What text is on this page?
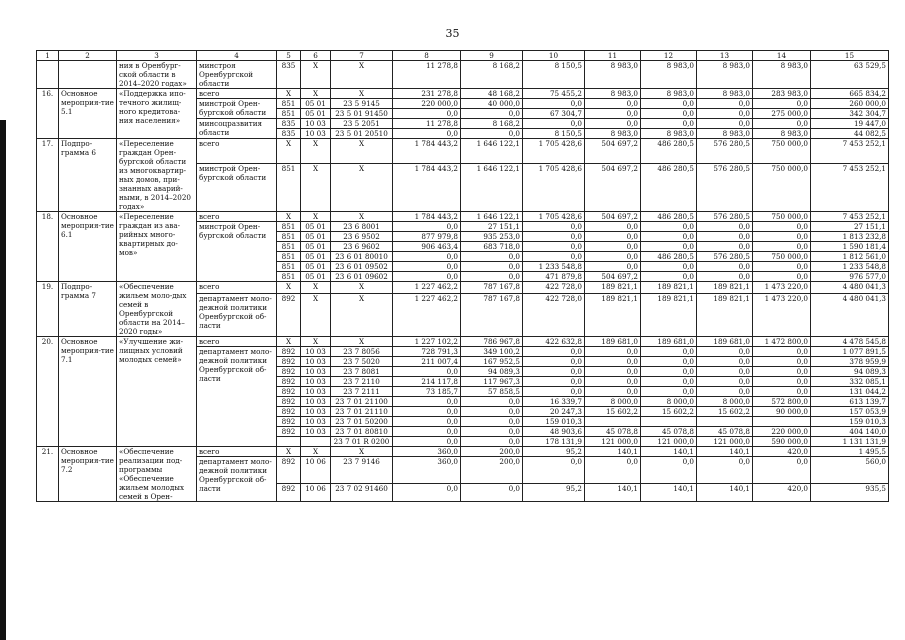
35
1	2	3	4	5	6	7	8	9	10	11	12	13	14	15
		ния в Оренбург-ской области в 2014–2020 годах»	минстроя Оренбургской области	835	Х	Х	11 278,8	8 168,2	8 150,5	8 983,0	8 983,0	8 983,0	8 983,0	63 529,5
16.	Основное мероприя-тие 5.1	«Поддержка ипо-течного жилищ-ного кредитова-ния населения»	всего	Х	Х	Х	231 278,8	48 168,2	75 455,2	8 983,0	8 983,0	8 983,0	283 983,0	665 834,2
			минстрой Орен-бургской области	851	05 01	23 5 9145	220 000,0	40 000,0	0,0	0,0	0,0	0,0	0,0	260 000,0
				851	05 01	23 5 01 91450	0,0	0,0	67 304,7	0,0	0,0	0,0	275 000,0	342 304,7
			минсоцразвития области	835	10 03	23 5 2051	11 278,8	8 168,2	0,0	0,0	0,0	0,0	0,0	19 447,0
				835	10 03	23 5 01 20510	0,0	0,0	8 150,5	8 983,0	8 983,0	8 983,0	8 983,0	44 082,5
17.	Подпро-грамма 6	«Переселение граждан Орен-бургской области из многоквартир-ных домов, при-знанных аварий-ными, в 2014–2020 годах»	всего	Х	Х	Х	1 784 443,2	1 646 122,1	1 705 428,6	504 697,2	486 280,5	576 280,5	750 000,0	7 453 252,1
			минстрой Орен-бургской области	851	Х	Х	1 784 443,2	1 646 122,1	1 705 428,6	504 697,2	486 280,5	576 280,5	750 000,0	7 453 252,1
18.	Основное мероприя-тие 6.1	«Переселение граждан из ава-рийных много-квартирных до-мов»	всего	Х	Х	Х	1 784 443,2	1 646 122,1	1 705 428,6	504 697,2	486 280,5	576 280,5	750 000,0	7 453 252,1
			минстрой Орен-бургской области	851	05 01	23 6 8001	0,0	27 151,1	0,0	0,0	0,0	0,0	0,0	27 151,1
				851	05 01	23 6 9502	877 979,8	935 253,0	0,0	0,0	0,0	0,0	0,0	1 813 232,8
				851	05 01	23 6 9602	906 463,4	683 718,0	0,0	0,0	0,0	0,0	0,0	1 590 181,4
				851	05 01	23 6 01 80010	0,0	0,0	0,0	0,0	486 280,5	576 280,5	750 000,0	1 812 561,0
				851	05 01	23 6 01 09502	0,0	0,0	1 233 548,8	0,0	0,0	0,0	0,0	1 233 548,8
				851	05 01	23 6 01 09602	0,0	0,0	471 879,8	504 697,2	0,0	0,0	0,0	976 577,0
19.	Подпро-грамма 7	«Обеспечение жильем моло-дых семей в Оренбургской области на 2014–2020 годы»	всего	Х	Х	Х	1 227 462,2	787 167,8	422 728,0	189 821,1	189 821,1	189 821,1	1 473 220,0	4 480 041,3
			департамент моло-дежной политики Оренбургской об-ласти	892	Х	Х	1 227 462,2	787 167,8	422 728,0	189 821,1	189 821,1	189 821,1	1 473 220,0	4 480 041,3
20.	Основное мероприя-тие 7.1	«Улучшение жи-лищных условий молодых семей»	всего	Х	Х	Х	1 227 102,2	786 967,8	422 632,8	189 681,0	189 681,0	189 681,0	1 472 800,0	4 478 545,8
			департамент моло-дежной политики Оренбургской об-ласти	892	10 03	23 7 8056	728 791,3	349 100,2	0,0	0,0	0,0	0,0	0,0	1 077 891,5
				892	10 03	23 7 5020	211 007,4	167 952,5	0,0	0,0	0,0	0,0	0,0	378 959,9
				892	10 03	23 7 8081	0,0	94 089,3	0,0	0,0	0,0	0,0	0,0	94 089,3
				892	10 03	23 7 2110	214 117,8	117 967,3	0,0	0,0	0,0	0,0	0,0	332 085,1
				892	10 03	23 7 2111	73 185,7	57 858,5	0,0	0,0	0,0	0,0	0,0	131 044,2
				892	10 03	23 7 01 21100	0,0	0,0	16 339,7	8 000,0	8 000,0	8 000,0	572 800,0	613 139,7
				892	10 03	23 7 01 21110	0,0	0,0	20 247,3	15 602,2	15 602,2	15 602,2	90 000,0	157 053,9
				892	10 03	23 7 01 50200	0,0	0,0	159 010,3					159 010,3
				892	10 03	23 7 01 80810	0,0	0,0	48 903,6	45 078,8	45 078,8	45 078,8	220 000,0	404 140,0
						23 7 01 R 0200	0,0	0,0	178 131,9	121 000,0	121 000,0	121 000,0	590 000,0	1 131 131,9
21.	Основное мероприя-тие 7.2	«Обеспечение реализации под-программы «Обеспечение жильем молодых семей в Орен-	всего	Х	Х	Х	360,0	200,0	95,2	140,1	140,1	140,1	420,0	1 495,5
			департамент моло-дежной политики Оренбургской об-ласти	892	10 06	23 7 9146	360,0	200,0	0,0	0,0	0,0	0,0	0,0	560,0
				892	10 06	23 7 02 91460	0,0	0,0	95,2	140,1	140,1	140,1	420,0	935,5
